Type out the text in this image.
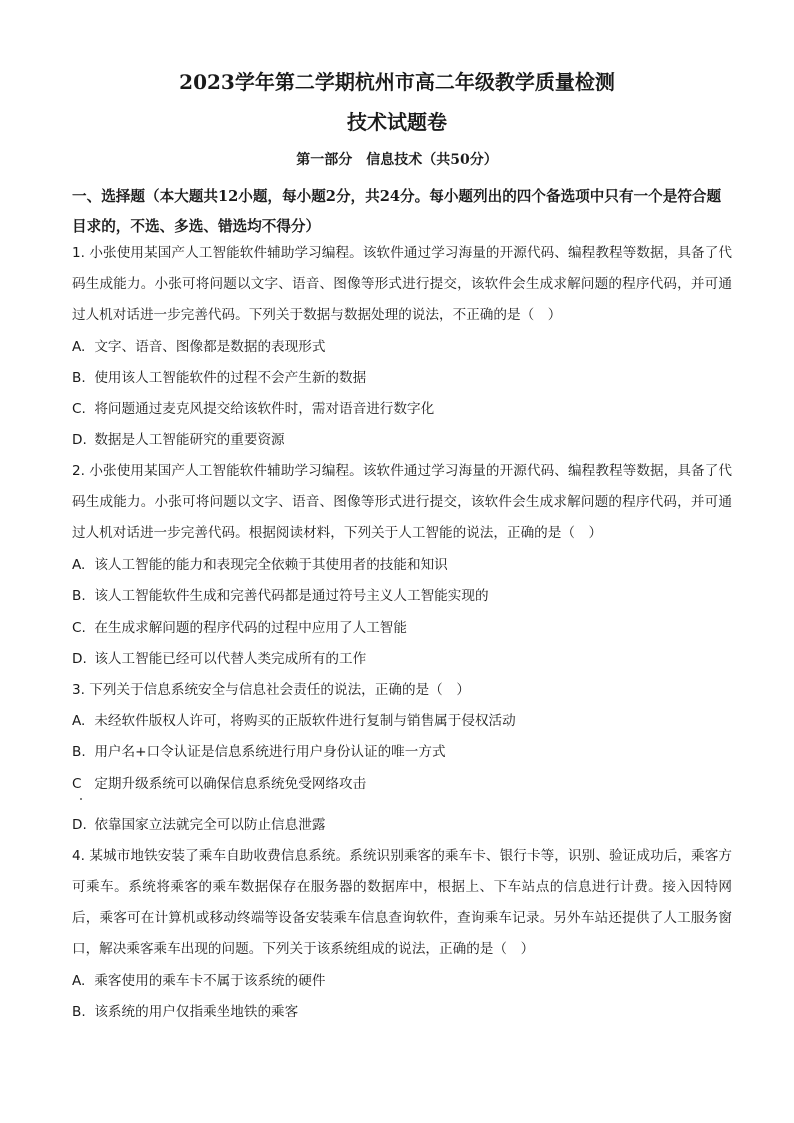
2023学年第二学期杭州市高二年级教学质量检测
技术试题卷
第一部分　信息技术（共50分）

一、选择题（本大题共12小题，每小题2分，共24分。每小题列出的四个备选项中只有一个是符合题目求的，不选、多选、错选均不得分）

1. 小张使用某国产人工智能软件辅助学习编程。该软件通过学习海量的开源代码、编程教程等数据，具备了代码生成能力。小张可将问题以文字、语音、图像等形式进行提交，该软件会生成求解问题的程序代码，并可通过人机对话进一步完善代码。下列关于数据与数据处理的说法，不正确的是（　）

A. 文字、语音、图像都是数据的表现形式
B. 使用该人工智能软件的过程不会产生新的数据
C. 将问题通过麦克风提交给该软件时，需对语音进行数字化
D. 数据是人工智能研究的重要资源

2. 小张使用某国产人工智能软件辅助学习编程。该软件通过学习海量的开源代码、编程教程等数据，具备了代码生成能力。小张可将问题以文字、语音、图像等形式进行提交，该软件会生成求解问题的程序代码，并可通过人机对话进一步完善代码。根据阅读材料，下列关于人工智能的说法，正确的是（　）

A. 该人工智能的能力和表现完全依赖于其使用者的技能和知识
B. 该人工智能软件生成和完善代码都是通过符号主义人工智能实现的
C. 在生成求解问题的程序代码的过程中应用了人工智能
D. 该人工智能已经可以代替人类完成所有的工作

3. 下列关于信息系统安全与信息社会责任的说法，正确的是（　）

A. 未经软件版权人许可，将购买的正版软件进行复制与销售属于侵权活动
B. 用户名+口令认证是信息系统进行用户身份认证的唯一方式
C 定期升级系统可以确保信息系统免受网络攻击
D. 依靠国家立法就完全可以防止信息泄露

4. 某城市地铁安装了乘车自助收费信息系统。系统识别乘客的乘车卡、银行卡等，识别、验证成功后，乘客方可乘车。系统将乘客的乘车数据保存在服务器的数据库中，根据上、下车站点的信息进行计费。接入因特网后，乘客可在计算机或移动终端等设备安装乘车信息查询软件，查询乘车记录。另外车站还提供了人工服务窗口，解决乘客乘车出现的问题。下列关于该系统组成的说法，正确的是（　）

A. 乘客使用的乘车卡不属于该系统的硬件
B. 该系统的用户仅指乘坐地铁的乘客
